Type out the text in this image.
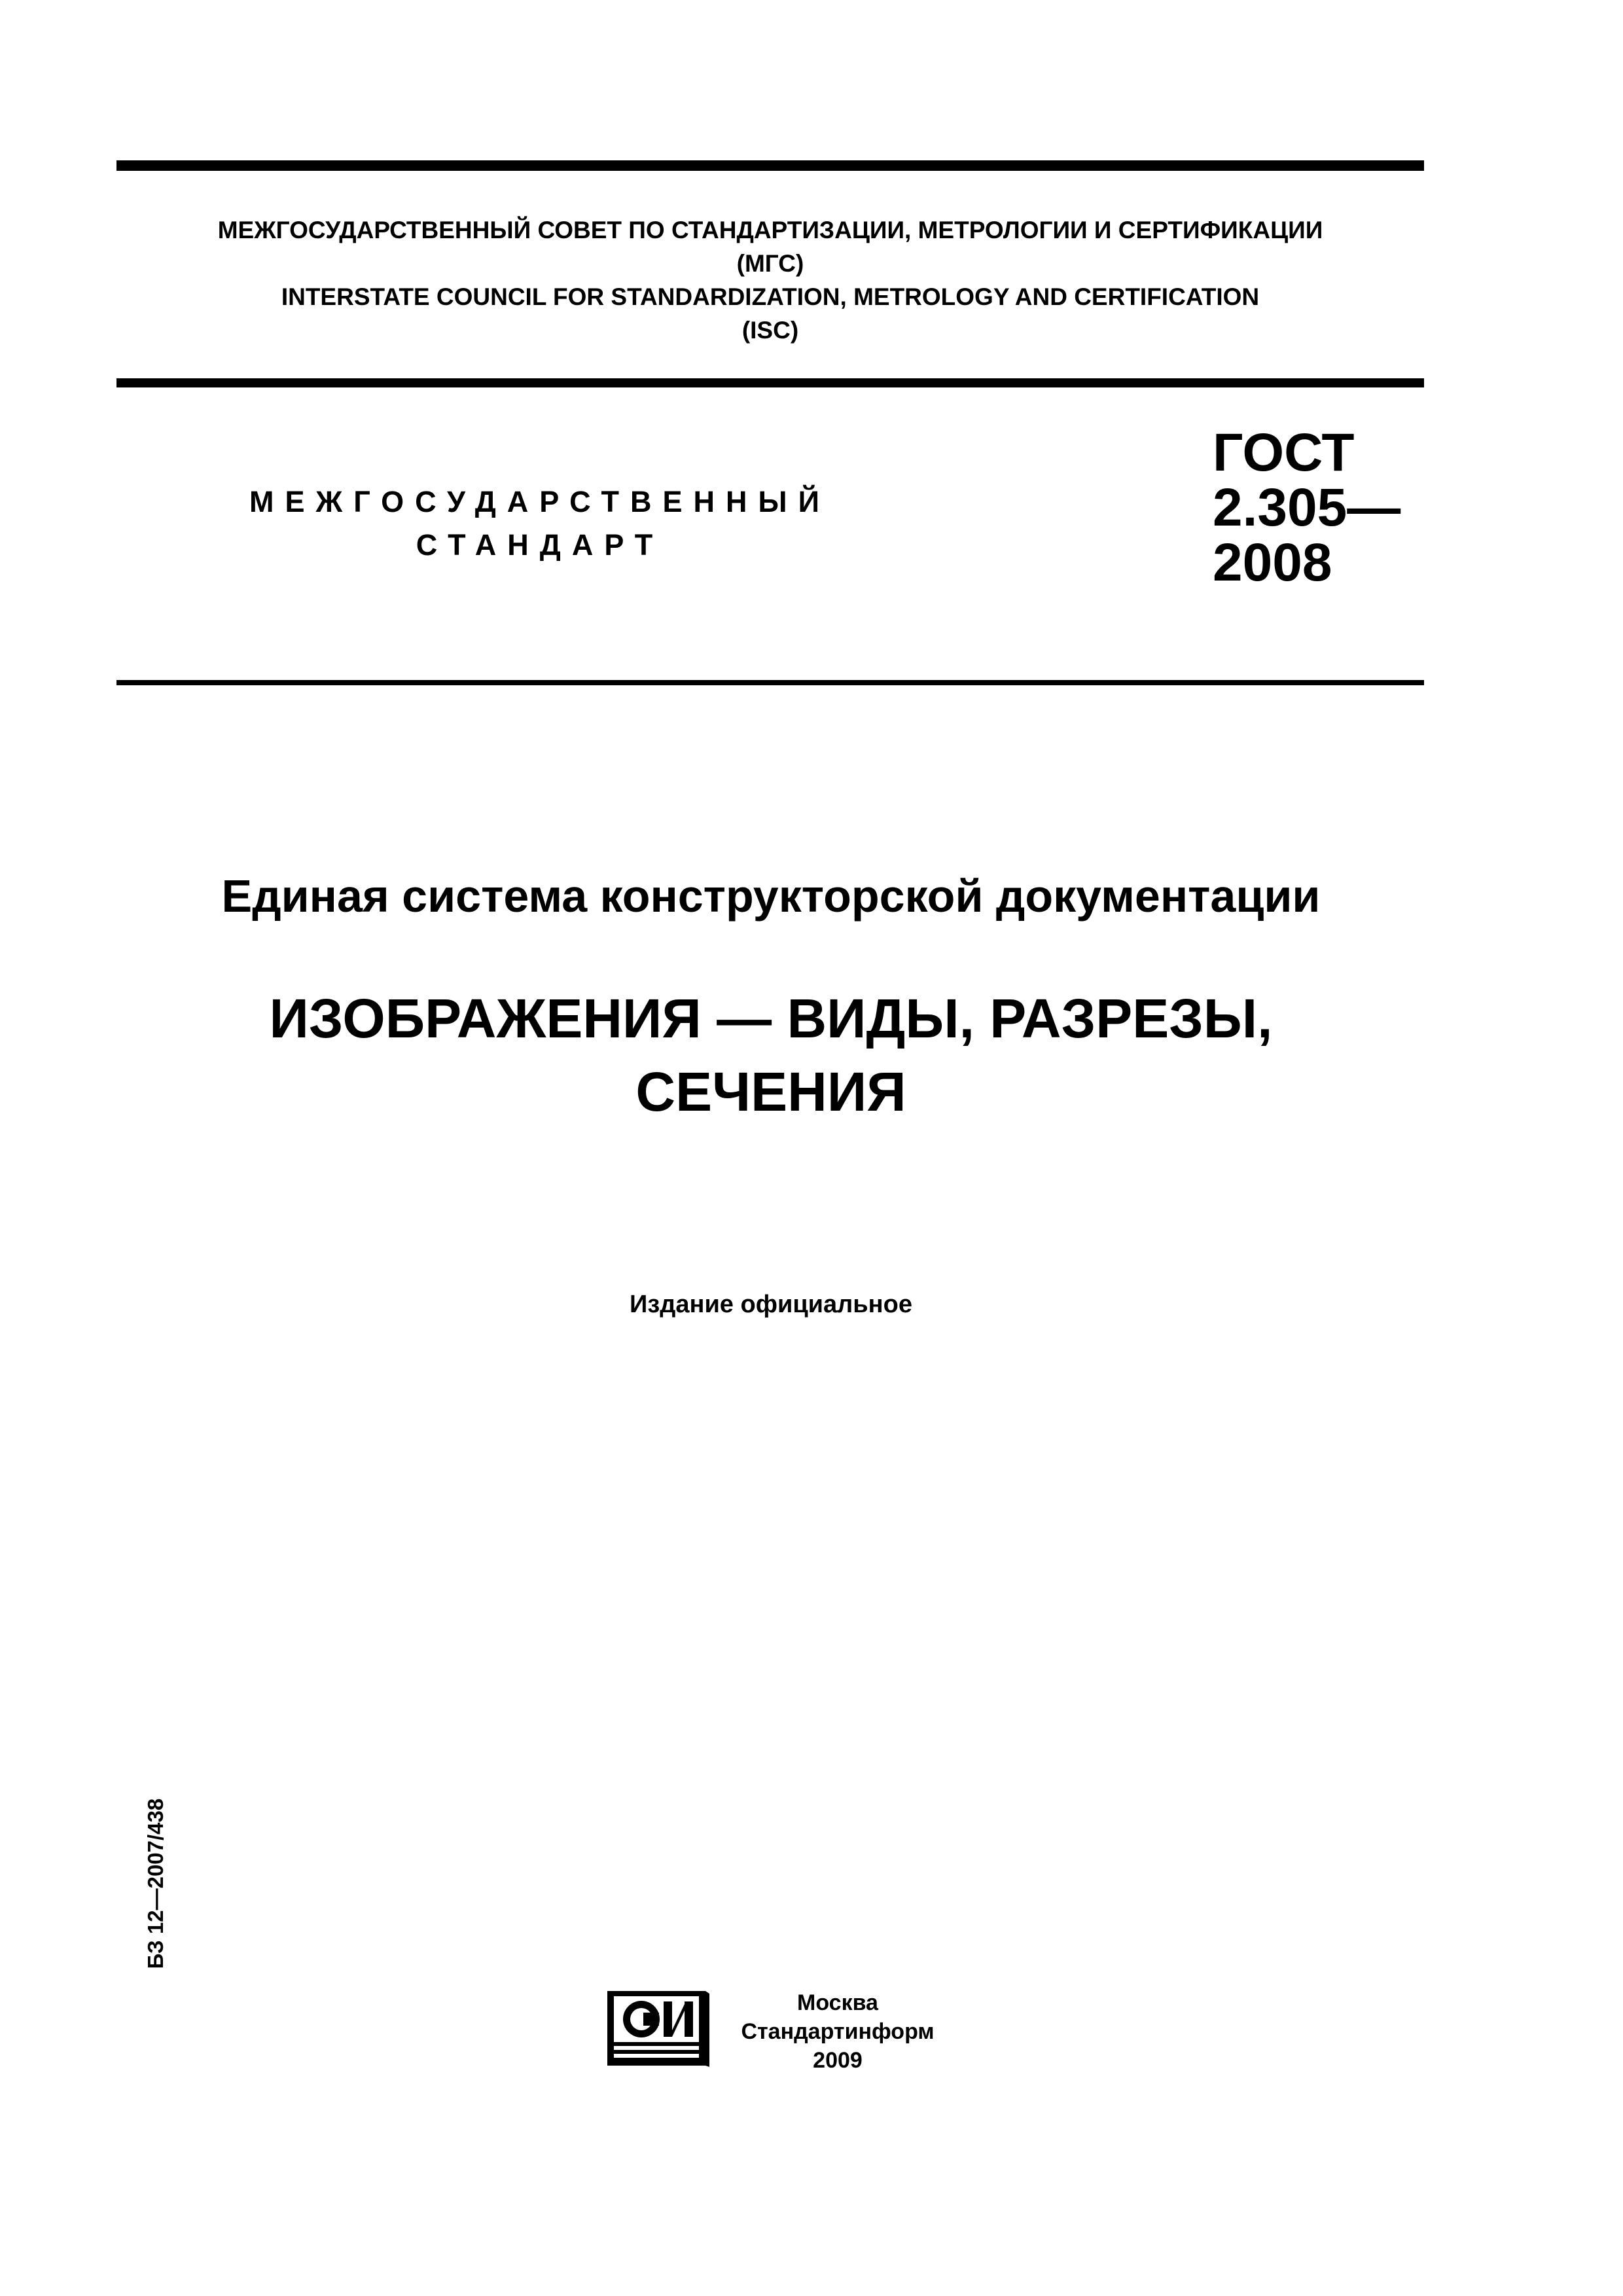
МЕЖГОСУДАРСТВЕННЫЙ СОВЕТ ПО СТАНДАРТИЗАЦИИ, МЕТРОЛОГИИ И СЕРТИФИКАЦИИ
(МГС)
INTERSTATE COUNCIL FOR STANDARDIZATION, METROLOGY AND CERTIFICATION
(ISC)
МЕЖГОСУДАРСТВЕННЫЙ
СТАНДАРТ
ГОСТ
2.305—
2008
Единая система конструкторской документации
ИЗОБРАЖЕНИЯ — ВИДЫ, РАЗРЕЗЫ,
СЕЧЕНИЯ
Издание официальное
БЗ 12—2007/438
Москва
Стандартинформ
2009
